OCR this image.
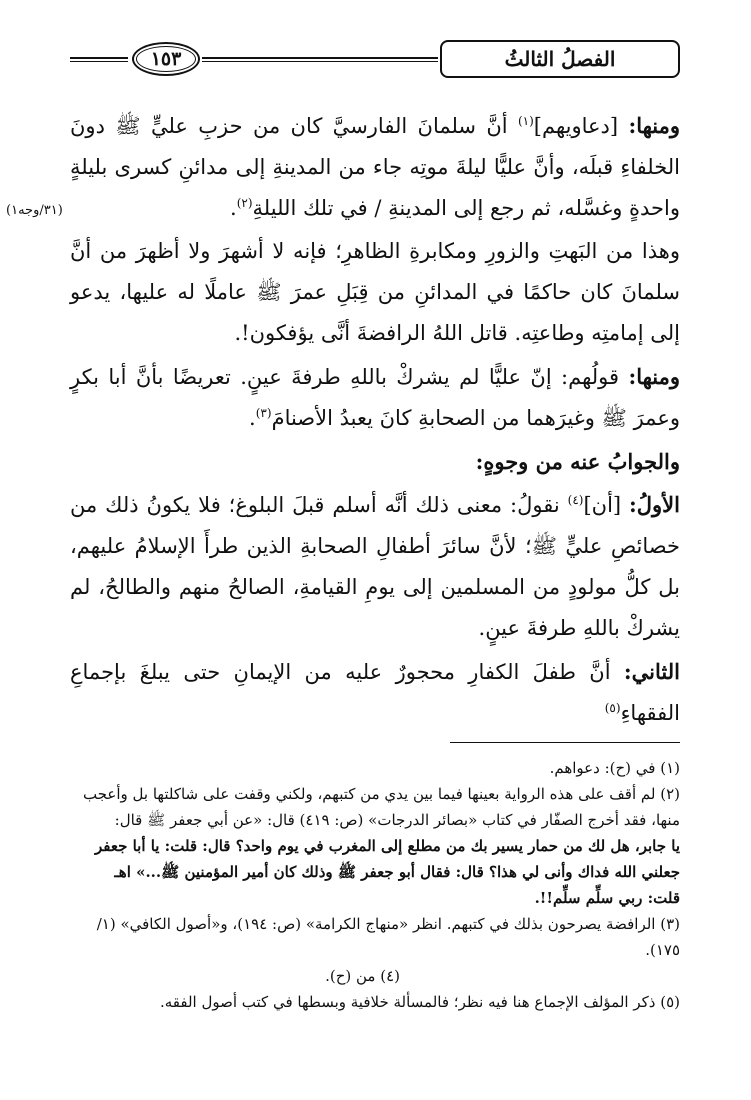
١٥٣	الفصلُ الثالثُ
(٣١/وجه١)

ومنها: [دعاويهم]$^{(١)}$ أنَّ سلمانَ الفارسيَّ كان من حزبِ عليٍّ ﷺ دونَ الخلفاءِ قبلَه، وأنَّ عليًّا ليلةَ موتِه جاء من المدينةِ إلى مدائنِ كسرى بليلةٍ واحدةٍ وغسَّله، ثم رجع إلى المدينةِ / في تلك الليلةِ$^{(٢)}$.

وهذا من البَهتِ والزورِ ومكابرةِ الظاهرِ؛ فإنه لا أشهرَ ولا أظهرَ من أنَّ سلمانَ كان حاكمًا في المدائنِ من قِبَلِ عمرَ ﷺ عاملًا له عليها، يدعو إلى إمامتِه وطاعتِه. قاتل اللهُ الرافضةَ أنَّى يؤفكون!.

ومنها: قولُهم: إنّ عليًّا لم يشركْ باللهِ طرفةَ عينٍ. تعريضًا بأنَّ أبا بكرٍ وعمرَ ﷺ وغيرَهما من الصحابةِ كانَ يعبدُ الأصنامَ$^{(٣)}$.

والجوابُ عنه من وجوهٍ:

الأولُ: [أن]$^{(٤)}$ نقولُ: معنى ذلك أنَّه أسلم قبلَ البلوغ؛ فلا يكونُ ذلك من خصائصِ عليٍّ ﷺ؛ لأنَّ سائرَ أطفالِ الصحابةِ الذين طرأَ الإسلامُ عليهم، بل كلُّ مولودٍ من المسلمين إلى يومِ القيامةِ، الصالحُ منهم والطالحُ، لم يشركْ باللهِ طرفةَ عينٍ.

الثاني: أنَّ طفلَ الكفارِ محجورٌ عليه من الإيمانِ حتى يبلغَ بإجماعِ الفقهاءِ$^{(٥)}$

(١) في (ح): دعواهم.

(٢) لم أقف على هذه الرواية بعينها فيما بين يدي من كتبهم، ولكني وقفت على شاكلتها بل وأعجب منها، فقد أخرج الصفّار في كتاب «بصائر الدرجات» (ص: ٤١٩) قال: «عن أبي جعفر ﷺ قال:

يا جابر، هل لك من حمار يسير بك من مطلع إلى المغرب في يوم واحد؟ قال: قلت: يا أبا جعفر جعلني الله فداك وأنى لي هذا؟ قال: فقال أبو جعفر ﷺ وذلك كان أمير المؤمنين ﷺ...» اهـ

قلت: ربي سلِّم سلِّم!!.

(٣) الرافضة يصرحون بذلك في كتبهم. انظر «منهاج الكرامة» (ص: ١٩٤)، و«أصول الكافي» (١/ ١٧٥).

(٤) من (ح).

(٥) ذكر المؤلف الإجماع هنا فيه نظر؛ فالمسألة خلافية وبسطها في كتب أصول الفقه.
